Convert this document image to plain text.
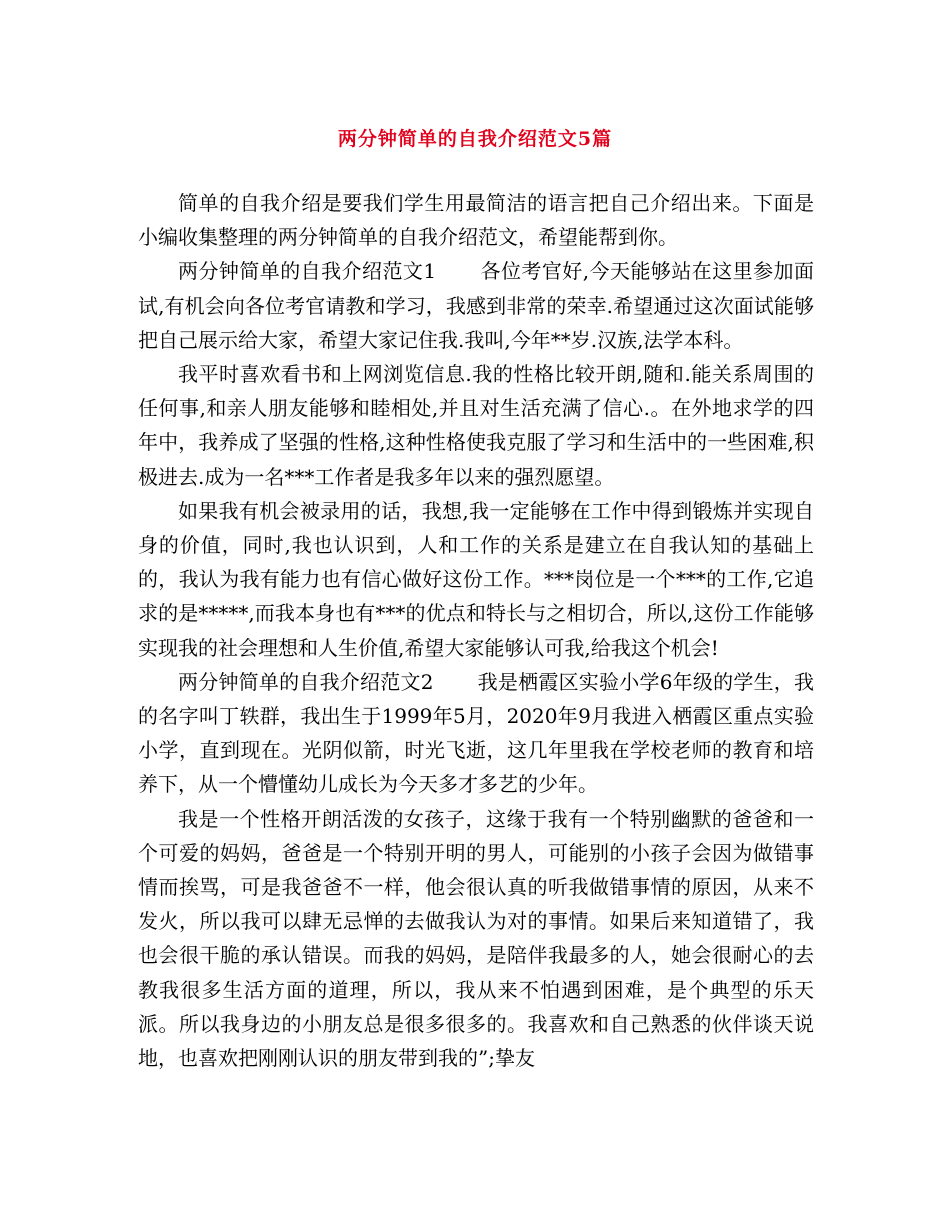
两分钟简单的自我介绍范文5篇

简单的自我介绍是要我们学生用最简洁的语言把自己介绍出来。下面是小编收集整理的两分钟简单的自我介绍范文，希望能帮到你。

两分钟简单的自我介绍范文1 各位考官好,今天能够站在这里参加面试,有机会向各位考官请教和学习，我感到非常的荣幸.希望通过这次面试能够把自己展示给大家，希望大家记住我.我叫,今年**岁.汉族,法学本科。

我平时喜欢看书和上网浏览信息.我的性格比较开朗,随和.能关系周围的任何事,和亲人朋友能够和睦相处,并且对生活充满了信心.。在外地求学的四年中，我养成了坚强的性格,这种性格使我克服了学习和生活中的一些困难,积极进去.成为一名***工作者是我多年以来的强烈愿望。

如果我有机会被录用的话，我想,我一定能够在工作中得到锻炼并实现自身的价值，同时,我也认识到，人和工作的关系是建立在自我认知的基础上的，我认为我有能力也有信心做好这份工作。***岗位是一个***的工作,它追求的是*****,而我本身也有***的优点和特长与之相切合，所以,这份工作能够实现我的社会理想和人生价值,希望大家能够认可我,给我这个机会!

两分钟简单的自我介绍范文2 我是栖霞区实验小学6年级的学生，我的名字叫丁轶群，我出生于1999年5月，2020年9月我进入栖霞区重点实验小学，直到现在。光阴似箭，时光飞逝，这几年里我在学校老师的教育和培养下，从一个懵懂幼儿成长为今天多才多艺的少年。

我是一个性格开朗活泼的女孩子，这缘于我有一个特别幽默的爸爸和一个可爱的妈妈，爸爸是一个特别开明的男人，可能别的小孩子会因为做错事情而挨骂，可是我爸爸不一样，他会很认真的听我做错事情的原因，从来不发火，所以我可以肆无忌惮的去做我认为对的事情。如果后来知道错了，我也会很干脆的承认错误。而我的妈妈，是陪伴我最多的人，她会很耐心的去教我很多生活方面的道理，所以，我从来不怕遇到困难，是个典型的乐天派。所以我身边的小朋友总是很多很多的。我喜欢和自己熟悉的伙伴谈天说地，也喜欢把刚刚认识的朋友带到我的”;挚友
